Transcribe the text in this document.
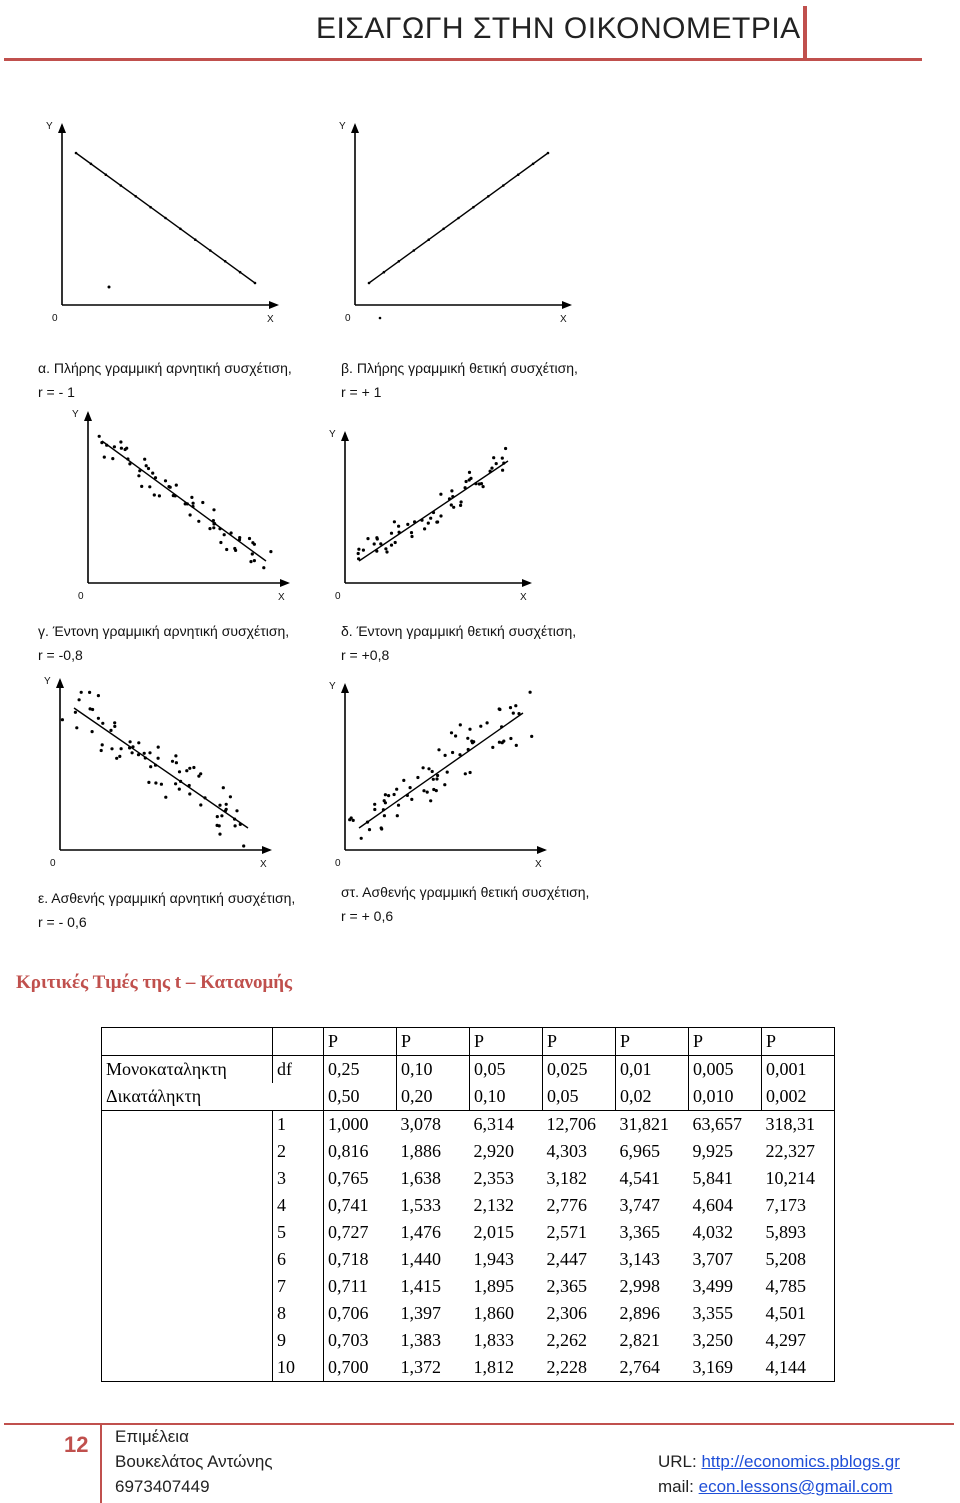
ΕΙΣΑΓΩΓΗ ΣΤΗΝ ΟΙΚΟΝΟΜΕΤΡΙΑ
Y
X
0
Y
X
0
Y
X
0
Y
X
0
Y
X
0
Y
X
0
α. Πλήρης γραμμική αρνητική συσχέτιση,
r = - 1
β. Πλήρης γραμμική θετική συσχέτιση,
r = + 1
γ. Έντονη γραμμική αρνητική συσχέτιση,
r = -0,8
δ. Έντονη γραμμική θετική συσχέτιση,
r = +0,8
ε. Ασθενής γραμμική αρνητική συσχέτιση,
r = - 0,6
στ. Ασθενής γραμμική θετική συσχέτιση,
r = + 0,6
Κριτικές Τιμές της t – Κατανομής
		P	P	P	P	P	P	P
Μονοκαταληκτη	df	0,25	0,10	0,05	0,025	0,01	0,005	0,001
Δικατάληκτη		0,50	0,20	0,10	0,05	0,02	0,010	0,002
	1	1,000	3,078	6,314	12,706	31,821	63,657	318,31
	2	0,816	1,886	2,920	4,303	6,965	9,925	22,327
	3	0,765	1,638	2,353	3,182	4,541	5,841	10,214
	4	0,741	1,533	2,132	2,776	3,747	4,604	7,173
	5	0,727	1,476	2,015	2,571	3,365	4,032	5,893
	6	0,718	1,440	1,943	2,447	3,143	3,707	5,208
	7	0,711	1,415	1,895	2,365	2,998	3,499	4,785
	8	0,706	1,397	1,860	2,306	2,896	3,355	4,501
	9	0,703	1,383	1,833	2,262	2,821	3,250	4,297
	10	0,700	1,372	1,812	2,228	2,764	3,169	4,144
12 Επιμέλεια
Βουκελάτος Αντώνης
6973407449
URL: http://economics.pblogs.gr
mail: econ.lessons@gmail.com
